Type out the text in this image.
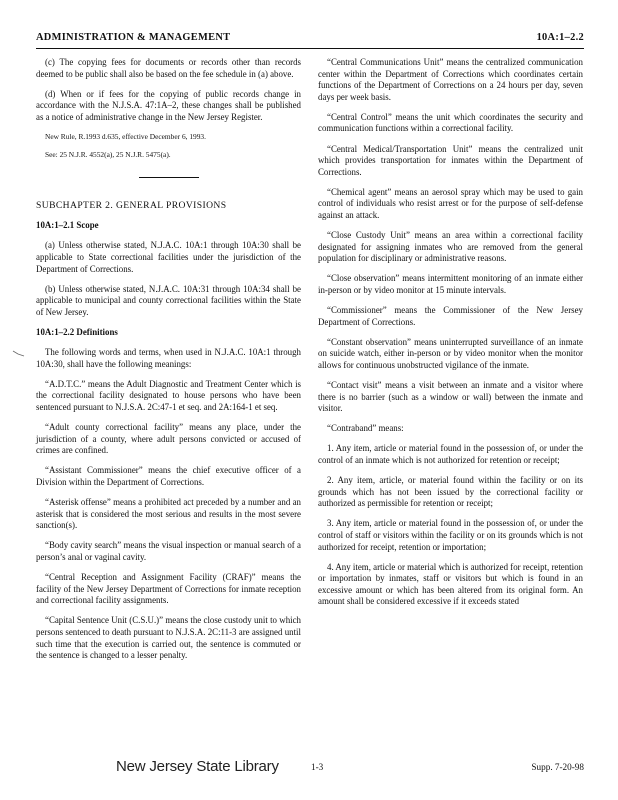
ADMINISTRATION & MANAGEMENT	10A:1–2.2

(c) The copying fees for documents or records other than records deemed to be public shall also be based on the fee schedule in (a) above.

(d) When or if fees for the copying of public records change in accordance with the N.J.S.A. 47:1A–2, these changes shall be published as a notice of administrative change in the New Jersey Register.

New Rule, R.1993 d.635, effective December 6, 1993.

See: 25 N.J.R. 4552(a), 25 N.J.R. 5475(a).

SUBCHAPTER 2. GENERAL PROVISIONS

10A:1–2.1 Scope

(a) Unless otherwise stated, N.J.A.C. 10A:1 through 10A:30 shall be applicable to State correctional facilities under the jurisdiction of the Department of Corrections.

(b) Unless otherwise stated, N.J.A.C. 10A:31 through 10A:34 shall be applicable to municipal and county correctional facilities within the State of New Jersey.

10A:1–2.2 Definitions

The following words and terms, when used in N.J.A.C. 10A:1 through 10A:30, shall have the following meanings:

“A.D.T.C.” means the Adult Diagnostic and Treatment Center which is the correctional facility designated to house persons who have been sentenced pursuant to N.J.S.A. 2C:47-1 et seq. and 2A:164-1 et seq.

“Adult county correctional facility” means any place, under the jurisdiction of a county, where adult persons convicted or accused of crimes are confined.

“Assistant Commissioner” means the chief executive officer of a Division within the Department of Corrections.

“Asterisk offense” means a prohibited act preceded by a number and an asterisk that is considered the most serious and results in the most severe sanction(s).

“Body cavity search” means the visual inspection or manual search of a person’s anal or vaginal cavity.

“Central Reception and Assignment Facility (CRAF)” means the facility of the New Jersey Department of Corrections for inmate reception and correctional facility assignments.

“Capital Sentence Unit (C.S.U.)” means the close custody unit to which persons sentenced to death pursuant to N.J.S.A. 2C:11-3 are assigned until such time that the execution is carried out, the sentence is commuted or the sentence is changed to a lesser penalty.

“Central Communications Unit” means the centralized communication center within the Department of Corrections which coordinates certain functions of the Department of Corrections on a 24 hours per day, seven days per week basis.

“Central Control” means the unit which coordinates the security and communication functions within a correctional facility.

“Central Medical/Transportation Unit” means the centralized unit which provides transportation for inmates within the Department of Corrections.

“Chemical agent” means an aerosol spray which may be used to gain control of individuals who resist arrest or for the purpose of self-defense against an attack.

“Close Custody Unit” means an area within a correctional facility designated for assigning inmates who are removed from the general population for disciplinary or administrative reasons.

“Close observation” means intermittent monitoring of an inmate either in-person or by video monitor at 15 minute intervals.

“Commissioner” means the Commissioner of the New Jersey Department of Corrections.

“Constant observation” means uninterrupted surveillance of an inmate on suicide watch, either in-person or by video monitor when the monitor allows for continuous unobstructed vigilance of the inmate.

“Contact visit” means a visit between an inmate and a visitor where there is no barrier (such as a window or wall) between the inmate and visitor.

“Contraband” means:

1. Any item, article or material found in the possession of, or under the control of an inmate which is not authorized for retention or receipt;

2. Any item, article, or material found within the facility or on its grounds which has not been issued by the correctional facility or authorized as permissible for retention or receipt;

3. Any item, article or material found in the possession of, or under the control of staff or visitors within the facility or on its grounds which is not authorized for receipt, retention or importation;

4. Any item, article or material which is authorized for receipt, retention or importation by inmates, staff or visitors but which is found in an excessive amount or which has been altered from its original form. An amount shall be considered excessive if it exceeds stated

New Jersey State Library	1-3	Supp. 7-20-98
